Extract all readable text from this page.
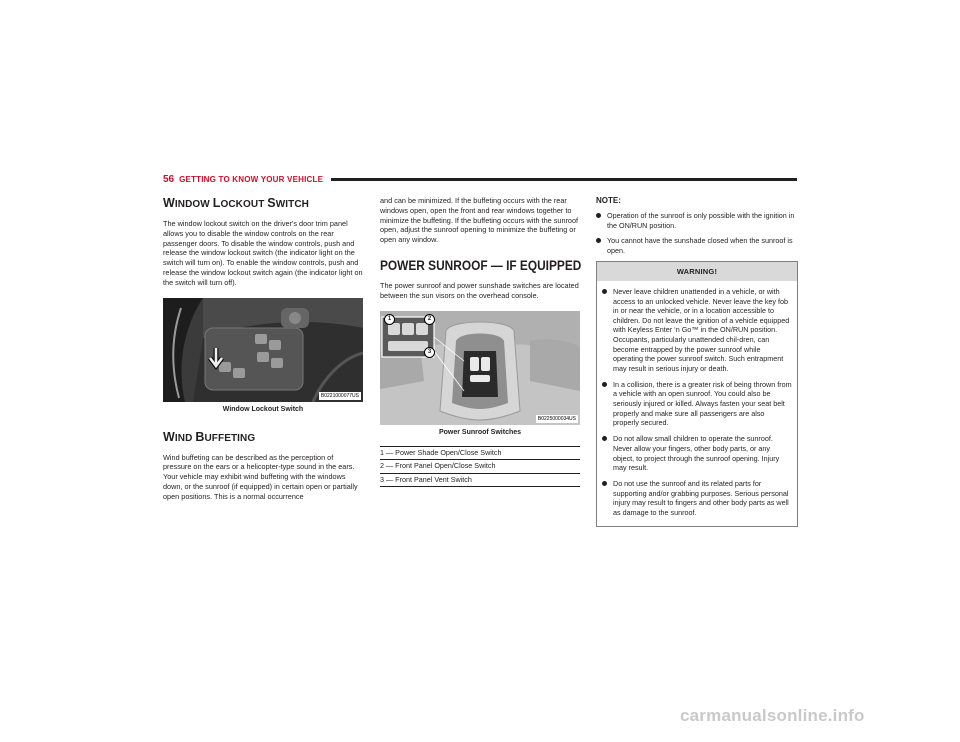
56 GETTING TO KNOW YOUR VEHICLE
WINDOW LOCKOUT SWITCH

The window lockout switch on the driver's door trim panel allows you to disable the window controls on the rear passenger doors. To disable the window controls, push and release the window lockout switch (the indicator light on the switch will turn on). To enable the window controls, push and release the window lockout switch again (the indicator light on the switch will turn off).

B0221000077US
Window Lockout Switch
WIND BUFFETING

Wind buffeting can be described as the perception of pressure on the ears or a helicopter-type sound in the ears. Your vehicle may exhibit wind buffeting with the windows down, or the sunroof (if equipped) in certain open or partially open positions. This is a normal occurrence

and can be minimized. If the buffeting occurs with the rear windows open, open the front and rear windows together to minimize the buffeting. If the buffeting occurs with the sunroof open, adjust the sunroof opening to minimize the buffeting or open any window.

POWER SUNROOF — IF EQUIPPED

The power sunroof and power sunshade switches are located between the sun visors on the overhead console.

1	2
3
B0225000034US
Power Sunroof Switches
1 — Power Shade Open/Close Switch
2 — Front Panel Open/Close Switch
3 — Front Panel Vent Switch
NOTE:
Operation of the sunroof is only possible with the ignition in the ON/RUN position.
You cannot have the sunshade closed when the sunroof is open.
WARNING!
Never leave children unattended in a vehicle, or with access to an unlocked vehicle. Never leave the key fob in or near the vehicle, or in a location accessible to children. Do not leave the ignition of a vehicle equipped with Keyless Enter ‘n Go™ in the ON/RUN position. Occupants, particularly unattended chil-dren, can become entrapped by the power sunroof while operating the power sunroof switch. Such entrapment may result in serious injury or death.
In a collision, there is a greater risk of being thrown from a vehicle with an open sunroof. You could also be seriously injured or killed. Always fasten your seat belt properly and make sure all passengers are also properly secured.
Do not allow small children to operate the sunroof. Never allow your fingers, other body parts, or any object, to project through the sunroof opening. Injury may result.
Do not use the sunroof and its related parts for supporting and/or grabbing purposes. Serious personal injury may result to fingers and other body parts as well as damage to the sunroof.
carmanualsonline.info
